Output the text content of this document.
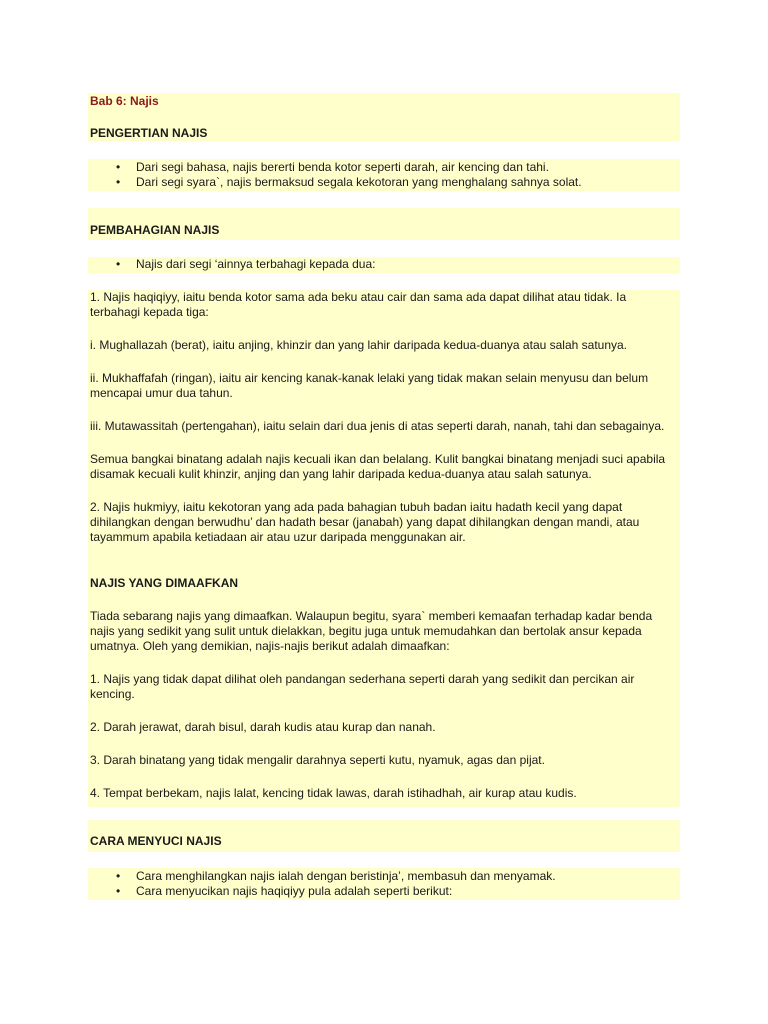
Bab 6: Najis
PENGERTIAN NAJIS
• Dari segi bahasa, najis bererti benda kotor seperti darah, air kencing dan tahi.
• Dari segi syara`, najis bermaksud segala kekotoran yang menghalang sahnya solat.
PEMBAHAGIAN NAJIS
• Najis dari segi ‘ainnya terbahagi kepada dua:

1. Najis haqiqiyy, iaitu benda kotor sama ada beku atau cair dan sama ada dapat dilihat atau tidak. Ia terbahagi kepada tiga:

i. Mughallazah (berat), iaitu anjing, khinzir dan yang lahir daripada kedua-duanya atau salah satunya.

ii. Mukhaffafah (ringan), iaitu air kencing kanak-kanak lelaki yang tidak makan selain menyusu dan belum mencapai umur dua tahun.

iii. Mutawassitah (pertengahan), iaitu selain dari dua jenis di atas seperti darah, nanah, tahi dan sebagainya.

Semua bangkai binatang adalah najis kecuali ikan dan belalang. Kulit bangkai binatang menjadi suci apabila disamak kecuali kulit khinzir, anjing dan yang lahir daripada kedua-duanya atau salah satunya.

2. Najis hukmiyy, iaitu kekotoran yang ada pada bahagian tubuh badan iaitu hadath kecil yang dapat dihilangkan dengan berwudhu’ dan hadath besar (janabah) yang dapat dihilangkan dengan mandi, atau tayammum apabila ketiadaan air atau uzur daripada menggunakan air.

NAJIS YANG DIMAAFKAN

Tiada sebarang najis yang dimaafkan. Walaupun begitu, syara` memberi kemaafan terhadap kadar benda najis yang sedikit yang sulit untuk dielakkan, begitu juga untuk memudahkan dan bertolak ansur kepada umatnya. Oleh yang demikian, najis-najis berikut adalah dimaafkan:

1. Najis yang tidak dapat dilihat oleh pandangan sederhana seperti darah yang sedikit dan percikan air kencing.

2. Darah jerawat, darah bisul, darah kudis atau kurap dan nanah.

3. Darah binatang yang tidak mengalir darahnya seperti kutu, nyamuk, agas dan pijat.

4. Tempat berbekam, najis lalat, kencing tidak lawas, darah istihadhah, air kurap atau kudis.

CARA MENYUCI NAJIS
• Cara menghilangkan najis ialah dengan beristinja’, membasuh dan menyamak.
• Cara menyucikan najis haqiqiyy pula adalah seperti berikut:
